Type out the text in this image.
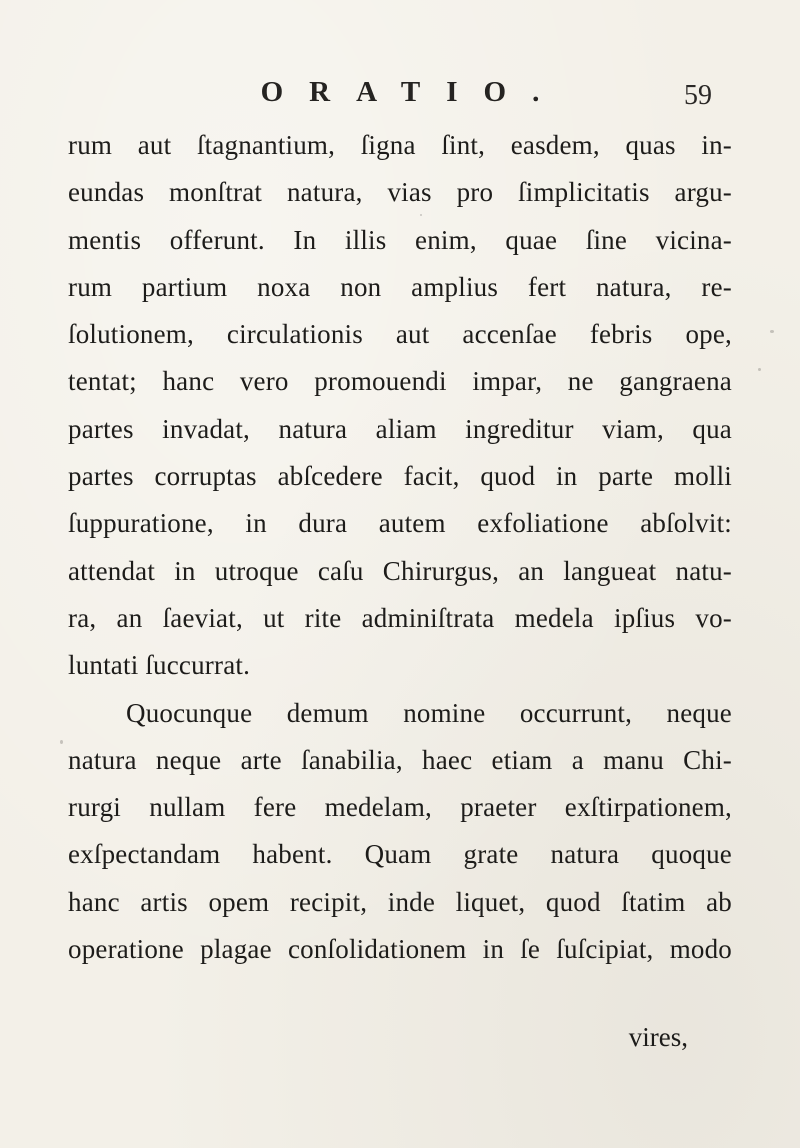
ORATIO.	59
rum aut ſtagnantium, ſigna ſint, easdem, quas in-
eundas monſtrat natura, vias pro ſimplicitatis argu-
mentis offerunt. In illis enim, quae ſine vicina-
rum partium noxa non amplius fert natura, re-
ſolutionem, circulationis aut accenſae febris ope,
tentat; hanc vero promouendi impar, ne gangraena
partes invadat, natura aliam ingreditur viam, qua
partes corruptas abſcedere facit, quod in parte molli
ſuppuratione, in dura autem exfoliatione abſolvit:
attendat in utroque caſu Chirurgus, an langueat natu-
ra, an ſaeviat, ut rite adminiſtrata medela ipſius vo-
luntati ſuccurrat.
Quocunque demum nomine occurrunt, neque
natura neque arte ſanabilia, haec etiam a manu Chi-
rurgi nullam fere medelam, praeter exſtirpationem,
exſpectandam habent. Quam grate natura quoque
hanc artis opem recipit, inde liquet, quod ſtatim ab
operatione plagae conſolidationem in ſe ſuſcipiat, modo
vires,
